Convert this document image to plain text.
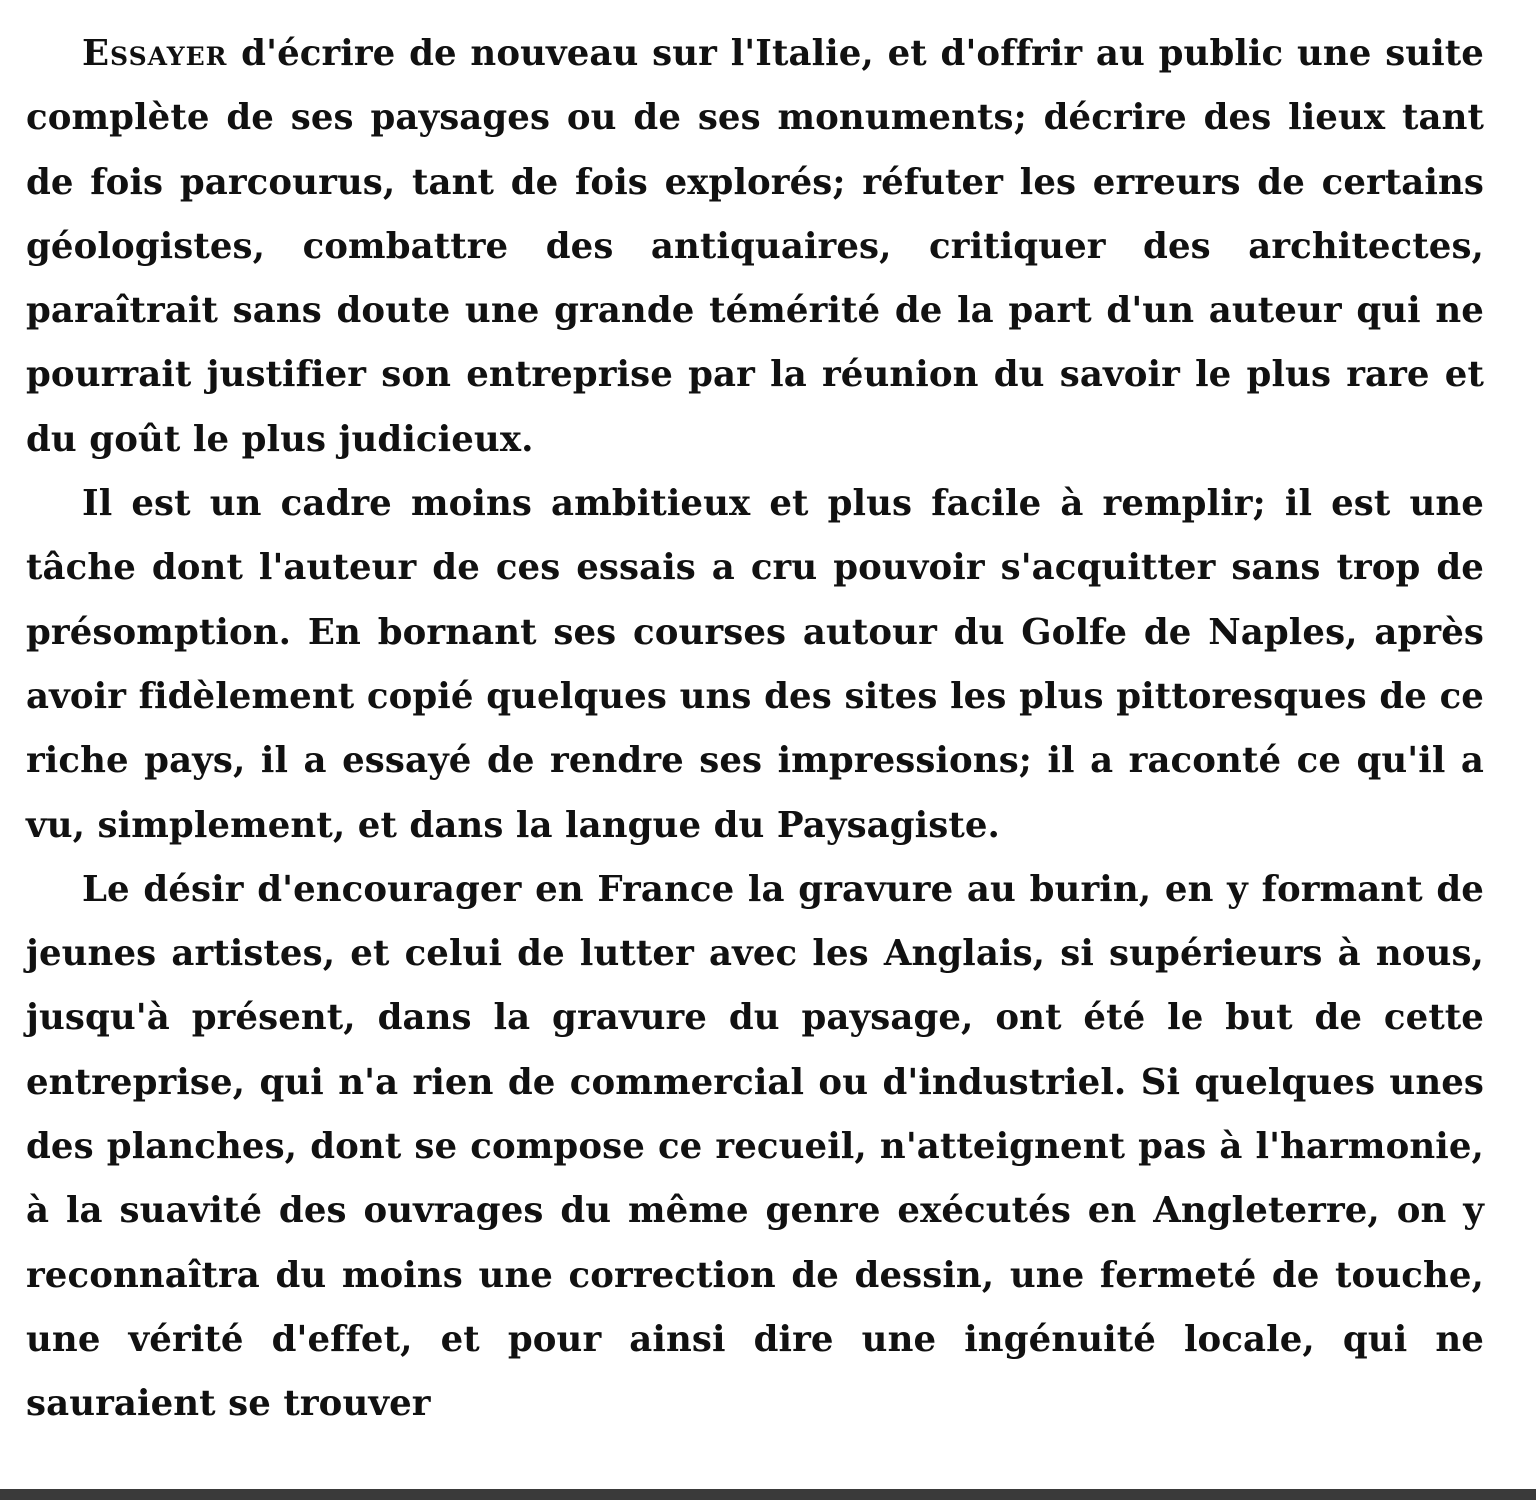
Essayer d'écrire de nouveau sur l'Italie, et d'offrir au public une suite complète de ses paysages ou de ses monuments; décrire des lieux tant de fois parcourus, tant de fois explorés; réfuter les erreurs de certains géologistes, combattre des antiquaires, critiquer des architectes, paraîtrait sans doute une grande témérité de la part d'un auteur qui ne pourrait justifier son entreprise par la réunion du savoir le plus rare et du goût le plus judicieux.

Il est un cadre moins ambitieux et plus facile à remplir; il est une tâche dont l'auteur de ces essais a cru pouvoir s'acquitter sans trop de présomption. En bornant ses courses autour du Golfe de Naples, après avoir fidèlement copié quelques uns des sites les plus pittoresques de ce riche pays, il a essayé de rendre ses impressions; il a raconté ce qu'il a vu, simplement, et dans la langue du Paysagiste.

Le désir d'encourager en France la gravure au burin, en y formant de jeunes artistes, et celui de lutter avec les Anglais, si supérieurs à nous, jusqu'à présent, dans la gravure du paysage, ont été le but de cette entreprise, qui n'a rien de commercial ou d'industriel. Si quelques unes des planches, dont se compose ce recueil, n'atteignent pas à l'harmonie, à la suavité des ouvrages du même genre exécutés en Angleterre, on y reconnaîtra du moins une correction de dessin, une fermeté de touche, une vérité d'effet, et pour ainsi dire une ingénuité locale, qui ne sauraient se trouver
